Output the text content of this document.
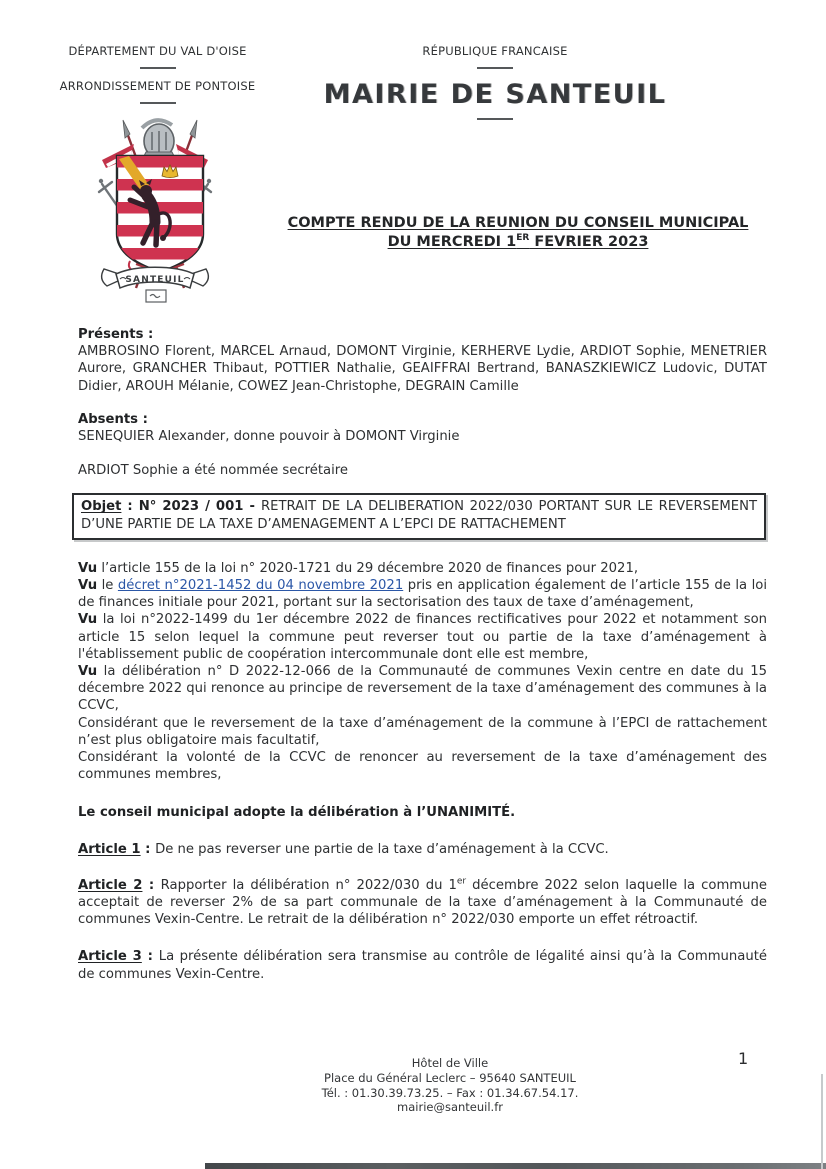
DÉPARTEMENT DU VAL D'OISE
ARRONDISSEMENT DE PONTOISE
RÉPUBLIQUE FRANCAISE
MAIRIE DE SANTEUIL
SANTEUIL
COMPTE RENDU DE LA REUNION DU CONSEIL MUNICIPAL
DU MERCREDI 1ER FEVRIER 2023

Présents :

AMBROSINO Florent, MARCEL Arnaud, DOMONT Virginie, KERHERVE Lydie, ARDIOT Sophie, MENETRIER Aurore, GRANCHER Thibaut, POTTIER Nathalie, GEAIFFRAI Bertrand, BANASZKIEWICZ Ludovic, DUTAT Didier, AROUH Mélanie, COWEZ Jean-Christophe, DEGRAIN Camille

Absents :

SENEQUIER Alexander, donne pouvoir à DOMONT Virginie

ARDIOT Sophie a été nommée secrétaire

Objet : N° 2023 / 001 - RETRAIT DE LA DELIBERATION 2022/030 PORTANT SUR LE REVERSEMENT D’UNE PARTIE DE LA TAXE D’AMENAGEMENT A L’EPCI DE RATTACHEMENT

Vu l’article 155 de la loi n° 2020-1721 du 29 décembre 2020 de finances pour 2021,

Vu le décret n°2021-1452 du 04 novembre 2021 pris en application également de l’article 155 de la loi de finances initiale pour 2021, portant sur la sectorisation des taux de taxe d’aménagement,

Vu la loi n°2022-1499 du 1er décembre 2022 de finances rectificatives pour 2022 et notamment son article 15 selon lequel la commune peut reverser tout ou partie de la taxe d’aménagement à l'établissement public de coopération intercommunale dont elle est membre,

Vu la délibération n° D 2022-12-066 de la Communauté de communes Vexin centre en date du 15 décembre 2022 qui renonce au principe de reversement de la taxe d’aménagement des communes à la CCVC,

Considérant que le reversement de la taxe d’aménagement de la commune à l’EPCI de rattachement n’est plus obligatoire mais facultatif,

Considérant la volonté de la CCVC de renoncer au reversement de la taxe d’aménagement des communes membres,

Le conseil municipal adopte la délibération à l’UNANIMITÉ.

Article 1 : De ne pas reverser une partie de la taxe d’aménagement à la CCVC.

Article 2 : Rapporter la délibération n° 2022/030 du 1er décembre 2022 selon laquelle la commune acceptait de reverser 2% de sa part communale de la taxe d’aménagement à la Communauté de communes Vexin-Centre. Le retrait de la délibération n° 2022/030 emporte un effet rétroactif.

Article 3 : La présente délibération sera transmise au contrôle de légalité ainsi qu’à la Communauté de communes Vexin-Centre.

Hôtel de Ville
Place du Général Leclerc – 95640 SANTEUIL
Tél. : 01.30.39.73.25. – Fax : 01.34.67.54.17.
mairie@santeuil.fr
1
